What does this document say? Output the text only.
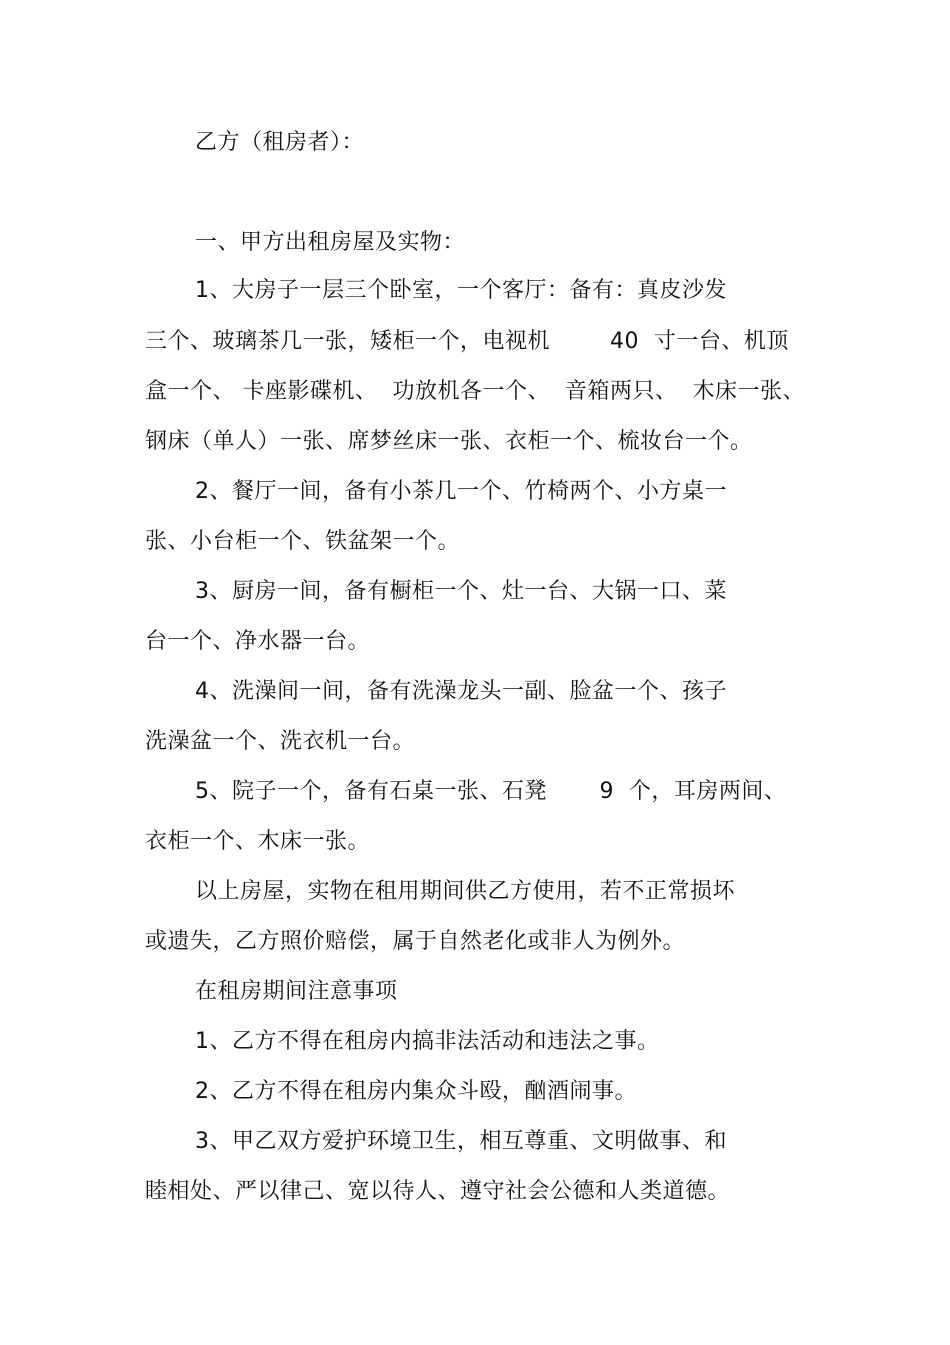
乙方（租房者）：
一、甲方出租房屋及实物：
1、大房子一层三个卧室，一个客厅：备有：真皮沙发
三个、玻璃茶几一张，矮柜一个，电视机        40  寸一台、机顶
盒一个、 卡座影碟机、  功放机各一个、  音箱两只、  木床一张、
钢床（单人）一张、席梦丝床一张、衣柜一个、梳妆台一个。
2、餐厅一间，备有小茶几一个、竹椅两个、小方桌一
张、小台柜一个、铁盆架一个。
3、厨房一间，备有橱柜一个、灶一台、大锅一口、菜
台一个、净水器一台。
4、洗澡间一间，备有洗澡龙头一副、脸盆一个、孩子
洗澡盆一个、洗衣机一台。
5、院子一个，备有石桌一张、石凳       9  个，耳房两间、
衣柜一个、木床一张。
以上房屋，实物在租用期间供乙方使用，若不正常损坏
或遗失，乙方照价赔偿，属于自然老化或非人为例外。
在租房期间注意事项
1、乙方不得在租房内搞非法活动和违法之事。
2、乙方不得在租房内集众斗殴，酗酒闹事。
3、甲乙双方爱护环境卫生，相互尊重、文明做事、和
睦相处、严以律己、宽以待人、遵守社会公德和人类道德。
